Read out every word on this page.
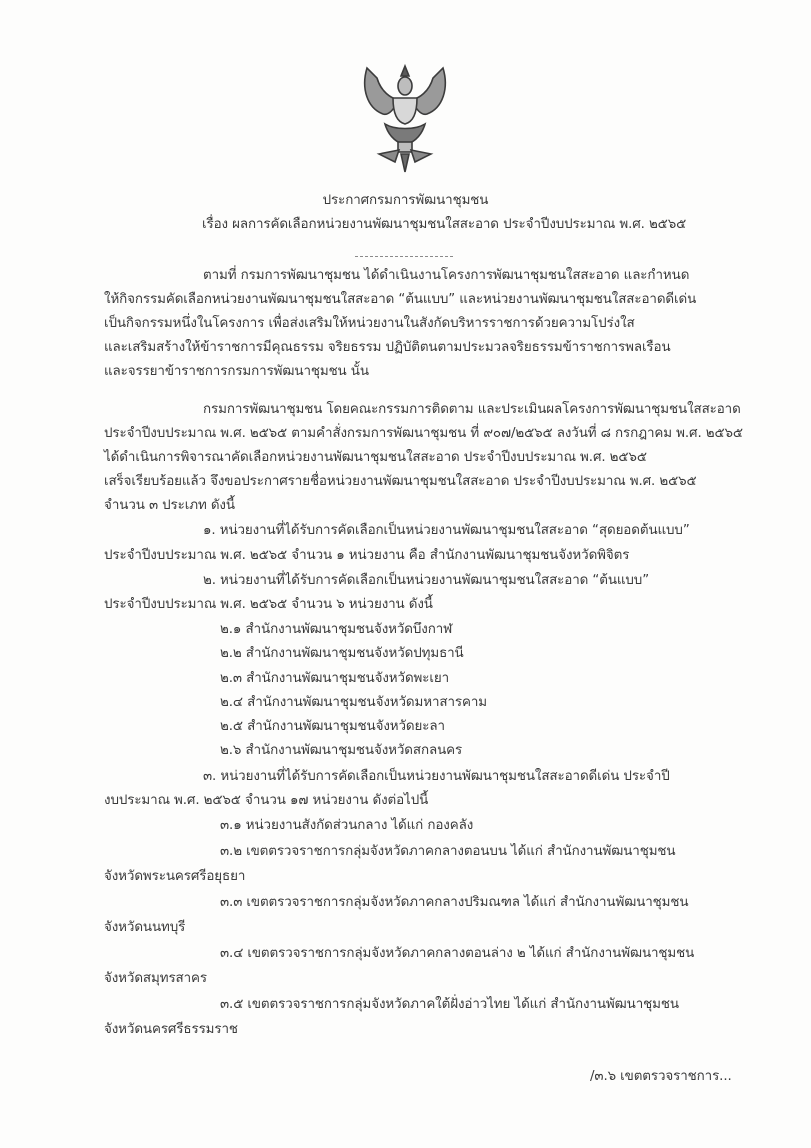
ประกาศกรมการพัฒนาชุมชน
เรื่อง ผลการคัดเลือกหน่วยงานพัฒนาชุมชนใสสะอาด ประจำปีงบประมาณ พ.ศ. ๒๕๖๕
ตามที่ กรมการพัฒนาชุมชน ได้ดำเนินงานโครงการพัฒนาชุมชนใสสะอาด และกำหนด
ให้กิจกรรมคัดเลือกหน่วยงานพัฒนาชุมชนใสสะอาด “ต้นแบบ” และหน่วยงานพัฒนาชุมชนใสสะอาดดีเด่น
เป็นกิจกรรมหนึ่งในโครงการ เพื่อส่งเสริมให้หน่วยงานในสังกัดบริหารราชการด้วยความโปร่งใส
และเสริมสร้างให้ข้าราชการมีคุณธรรม จริยธรรม ปฏิบัติตนตามประมวลจริยธรรมข้าราชการพลเรือน
และจรรยาข้าราชการกรมการพัฒนาชุมชน นั้น
กรมการพัฒนาชุมชน โดยคณะกรรมการติดตาม และประเมินผลโครงการพัฒนาชุมชนใสสะอาด
ประจำปีงบประมาณ พ.ศ. ๒๕๖๕ ตามคำสั่งกรมการพัฒนาชุมชน ที่ ๙๐๗/๒๕๖๕ ลงวันที่ ๘ กรกฎาคม พ.ศ. ๒๕๖๕
ได้ดำเนินการพิจารณาคัดเลือกหน่วยงานพัฒนาชุมชนใสสะอาด ประจำปีงบประมาณ พ.ศ. ๒๕๖๕
เสร็จเรียบร้อยแล้ว จึงขอประกาศรายชื่อหน่วยงานพัฒนาชุมชนใสสะอาด ประจำปีงบประมาณ พ.ศ. ๒๕๖๕
จำนวน ๓ ประเภท ดังนี้
๑. หน่วยงานที่ได้รับการคัดเลือกเป็นหน่วยงานพัฒนาชุมชนใสสะอาด “สุดยอดต้นแบบ”
ประจำปีงบประมาณ พ.ศ. ๒๕๖๕ จำนวน ๑ หน่วยงาน คือ สำนักงานพัฒนาชุมชนจังหวัดพิจิตร
๒. หน่วยงานที่ได้รับการคัดเลือกเป็นหน่วยงานพัฒนาชุมชนใสสะอาด “ต้นแบบ”
ประจำปีงบประมาณ พ.ศ. ๒๕๖๕ จำนวน ๖ หน่วยงาน ดังนี้
๒.๑ สำนักงานพัฒนาชุมชนจังหวัดบึงกาฬ
๒.๒ สำนักงานพัฒนาชุมชนจังหวัดปทุมธานี
๒.๓ สำนักงานพัฒนาชุมชนจังหวัดพะเยา
๒.๔ สำนักงานพัฒนาชุมชนจังหวัดมหาสารคาม
๒.๕ สำนักงานพัฒนาชุมชนจังหวัดยะลา
๒.๖ สำนักงานพัฒนาชุมชนจังหวัดสกลนคร
๓. หน่วยงานที่ได้รับการคัดเลือกเป็นหน่วยงานพัฒนาชุมชนใสสะอาดดีเด่น ประจำปี
งบประมาณ พ.ศ. ๒๕๖๕ จำนวน ๑๗ หน่วยงาน ดังต่อไปนี้
๓.๑ หน่วยงานสังกัดส่วนกลาง ได้แก่ กองคลัง
๓.๒ เขตตรวจราชการกลุ่มจังหวัดภาคกลางตอนบน ได้แก่ สำนักงานพัฒนาชุมชน
จังหวัดพระนครศรีอยุธยา
๓.๓ เขตตรวจราชการกลุ่มจังหวัดภาคกลางปริมณฑล ได้แก่ สำนักงานพัฒนาชุมชน
จังหวัดนนทบุรี
๓.๔ เขตตรวจราชการกลุ่มจังหวัดภาคกลางตอนล่าง ๒ ได้แก่ สำนักงานพัฒนาชุมชน
จังหวัดสมุทรสาคร
๓.๕ เขตตรวจราชการกลุ่มจังหวัดภาคใต้ฝั่งอ่าวไทย ได้แก่ สำนักงานพัฒนาชุมชน
จังหวัดนครศรีธรรมราช
/๓.๖ เขตตรวจราชการ...
